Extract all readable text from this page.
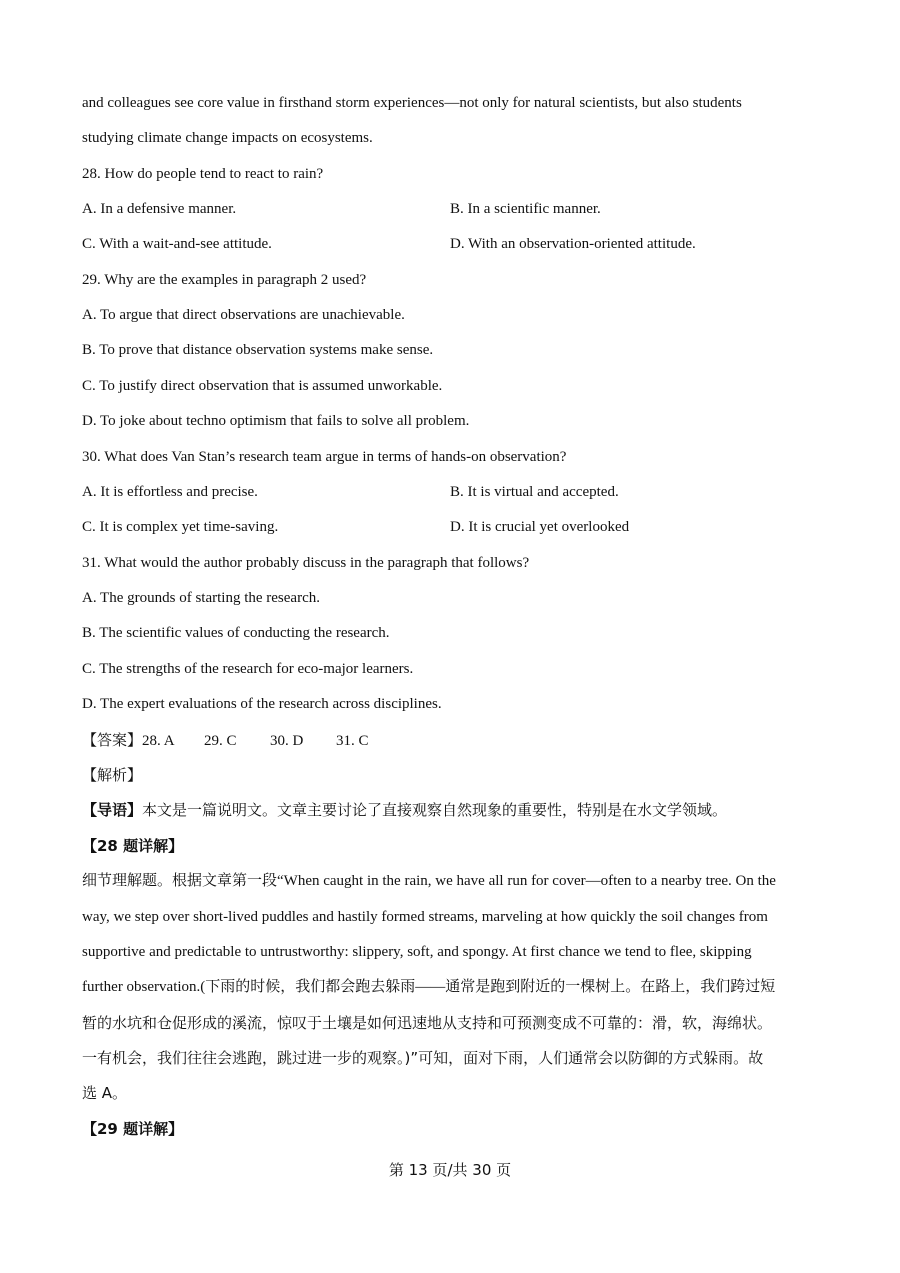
and colleagues see core value in firsthand storm experiences—not only for natural scientists, but also students
studying climate change impacts on ecosystems.
28. How do people tend to react to rain?
A. In a defensive manner.	B. In a scientific manner.
C. With a wait-and-see attitude.	D. With an observation-oriented attitude.
29. Why are the examples in paragraph 2 used?
A. To argue that direct observations are unachievable.
B. To prove that distance observation systems make sense.
C. To justify direct observation that is assumed unworkable.
D. To joke about techno optimism that fails to solve all problem.
30. What does Van Stan’s research team argue in terms of hands-on observation?
A. It is effortless and precise.	B. It is virtual and accepted.
C. It is complex yet time-saving.	D. It is crucial yet overlooked
31. What would the author probably discuss in the paragraph that follows?
A. The grounds of starting the research.
B. The scientific values of conducting the research.
C. The strengths of the research for eco-major learners.
D. The expert evaluations of the research across disciplines.
【答案】28. A 29. C 30. D 31. C
【解析】
【导语】本文是一篇说明文。文章主要讨论了直接观察自然现象的重要性，特别是在水文学领域。
【28 题详解】
细节理解题。根据文章第一段“When caught in the rain, we have all run for cover—often to a nearby tree. On the
way, we step over short-lived puddles and hastily formed streams, marveling at how quickly the soil changes from
supportive and predictable to untrustworthy: slippery, soft, and spongy. At first chance we tend to flee, skipping
further observation.(下雨的时候，我们都会跑去躲雨——通常是跑到附近的一棵树上。在路上，我们跨过短
暂的水坑和仓促形成的溪流，惊叹于土壤是如何迅速地从支持和可预测变成不可靠的：滑，软，海绵状。
一有机会，我们往往会逃跑，跳过进一步的观察。)”可知，面对下雨，人们通常会以防御的方式躲雨。故
选 A。
【29 题详解】
第 13 页/共 30 页
